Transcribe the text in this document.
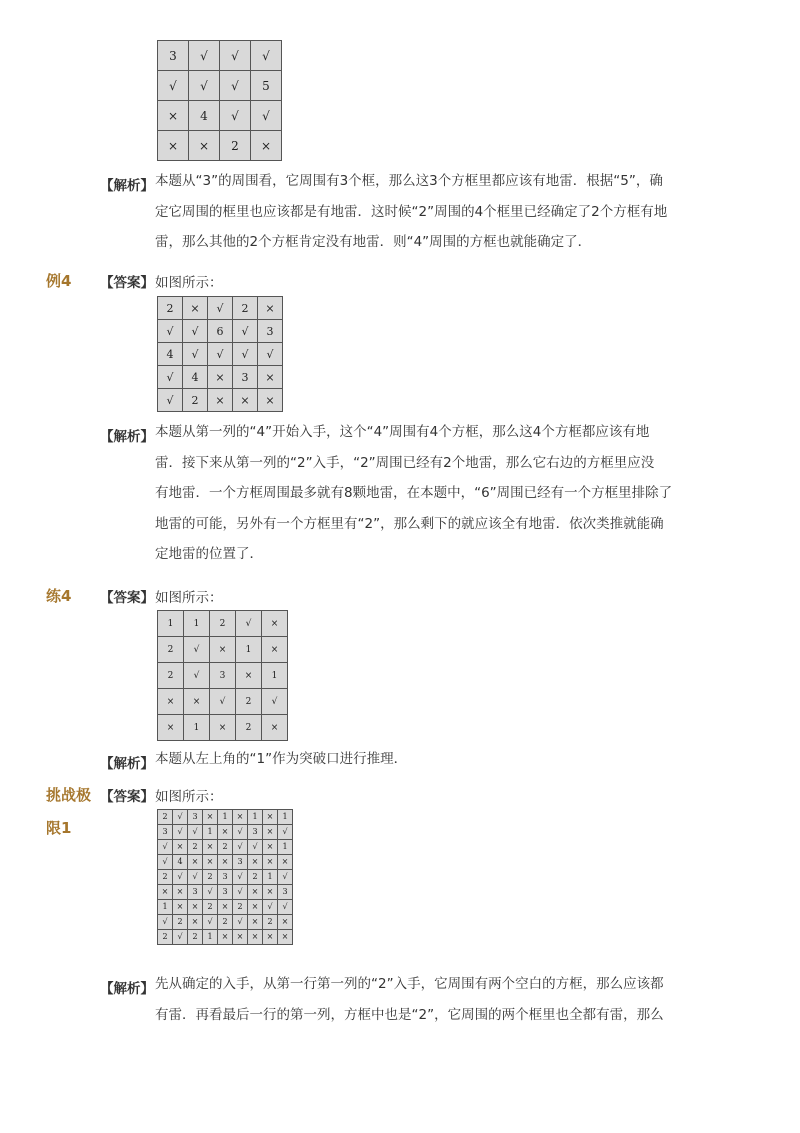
3	√	√	√
√	√	√	5
×	4	√	√
×	×	2	×
【解析】 本题从“3”的周围看，它周围有3个框，那么这3个方框里都应该有地雷．根据“5”，确
定它周围的框里也应该都是有地雷．这时候“2”周围的4个框里已经确定了2个方框有地
雷，那么其他的2个方框肯定没有地雷．则“4”周围的方框也就能确定了．
例4 【答案】 如图所示：
2	×	√	2	×
√	√	6	√	3
4	√	√	√	√
√	4	×	3	×
√	2	×	×	×
【解析】 本题从第一列的“4”开始入手，这个“4”周围有4个方框，那么这4个方框都应该有地
雷．接下来从第一列的“2”入手，“2”周围已经有2个地雷，那么它右边的方框里应没
有地雷．一个方框周围最多就有8颗地雷，在本题中，“6”周围已经有一个方框里排除了
地雷的可能，另外有一个方框里有“2”，那么剩下的就应该全有地雷．依次类推就能确
定地雷的位置了．
练4 【答案】 如图所示：
1	1	2	√	×
2	√	×	1	×
2	√	3	×	1
×	×	√	2	√
×	1	×	2	×
【解析】 本题从左上角的“1”作为突破口进行推理．
挑战极
限1
【答案】 如图所示：
2	√	3	×	1	×	1	×	1
3	√	√	1	×	√	3	×	√
√	×	2	×	2	√	√	×	1
√	4	×	×	×	3	×	×	×
2	√	√	2	3	√	2	1	√
×	×	3	√	3	√	×	×	3
1	×	×	2	×	2	×	√	√
√	2	×	√	2	√	×	2	×
2	√	2	1	×	×	×	×	×
【解析】 先从确定的入手，从第一行第一列的“2”入手，它周围有两个空白的方框，那么应该都
有雷．再看最后一行的第一列，方框中也是“2”，它周围的两个框里也全都有雷，那么
